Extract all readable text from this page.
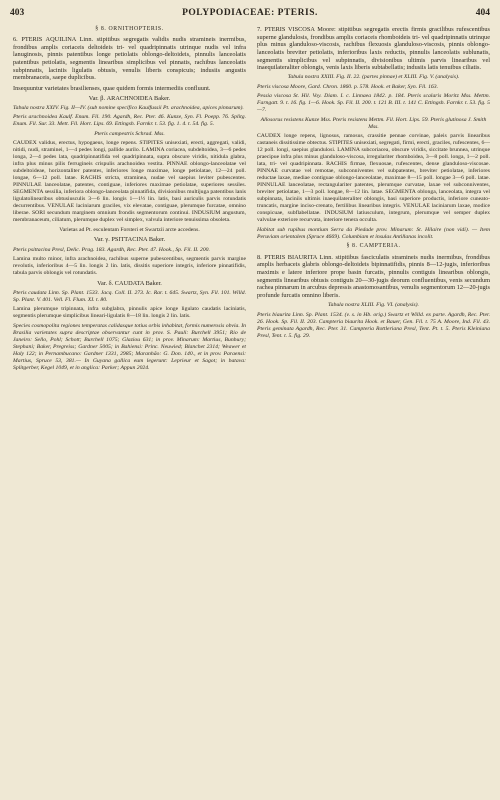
403	POLYPODIACEAE: PTERIS.	404

§ 8. ORNITHOPTERIS.

6. PTERIS AQUILINA Linn. stipitibus segregatis validis nudis stramineis inermibus, frondibus amplis coriaceis deltoideis tri- vel quadripinnatis utrinque nudis vel infra lanuginosis, pinnis patentibus longe petiolatis oblongo-deltoideis, pinnulis lanceolatis patentibus petiolatis, segmentis linearibus simplicibus vel pinnatis, rachibus lanceolatis subpinnatis, laciniis ligulatis obtusis, venulis liberis conspicuis; indusiis angustis membranaceis, saepe duplicibus.

Insequuntur varietates brasilienses, quae quidem formis intermediis confluunt.

Var. β. ARACHNOIDEA Baker.

Tabula nostra XXIV. Fig. II—IV. (sub nomine specifico Kaulfussii Pt. arachnoidea, apices pinnarum).

Pteris arachnoidea Kaulf. Enum. Fil. 190. Agardh, Rec. Pter. 46. Kunze, Syn. Fl. Poepp. 76. Splitg. Enum. Fil. Sur. 33. Mett. Fil. Hort. Lips. 69. Ettingsh. Farnkr. t. 53. fig. 1. 4. t. 54. fig. 5.

Pteris campestris Schrad. Mss.

CAUDEX validus, erectus, hypogaeus, longe repens. STIPITES unisexiati, erecti, aggregati, validi, nitidi, nudi, straminei, 1—4 pedes longi, pallide aurilo. LAMINA coriacea, subdeltoidea, 3—6 pedes longa, 2—4 pedes lata, quadripinnatifida vel quadripinnata, supra obscure viridis, nitidula glabra, infra plus minus pilis ferrugineis crispulis arachnoidea vestita. PINNAE oblongo-lanceolatae vel subdeltoideae, horizontaliter patentes, inferiores longe maximae, longe petiolatae, 12—24 poll. longae, 6—12 poll. latae. RACHIS stricta, straminea, nudae vel saepius leviter pubescentes. PINNULAE lanceolatae, patentes, contiguae, inferiores maximae petiolatae, superiores sessiles. SEGMENTA sessilia, inferiora oblongo-lanceolata pinnatifida, divisionibus multijuga patentibus lanis ligulatolinearibus obtusiusculis 3—6 lin. longis 1—1½ lin. latis, basi auriculis parvis rotundatis decurrentibus. VENULAE laciniarum graciles, vix elevatae, contiguae, plerumque furcatae, omnino liberae. SORI secundum marginem omnium frondis segmentorum continui. INDUSIUM angustum, membranaceum, ciliatum, plerumque duplex vel simplex, valvula interiore tenuissima obsoleta.

Varietas ad Pt. esculentam Forsteri et Swartzii arcte accedens.

Var. γ. PSITTACINA Baker.

Pteris psittacina Presl, Delic. Prag. 183. Agardh, Rec. Pter. 47. Hook., Sp. Fil. II. 200.

Lamina multo minor, infra arachnoidea, rachibus superne pubescentibus, segmentis parvis margine revolutis, inferioribus 4—5 lin. longis 2 lin. latis, dissitis superiore integris, inferiore pinnatifidis, tabula parvis oblongis vel rotundatis.

Var. δ. CAUDATA Baker.

Pteris caudata Linn. Sp. Plant. 1533. Jacq. Coll. II. 273. Ic. Rar. t. 645. Swartz, Syn. Fil. 101. Willd. Sp. Plant. V. 401. Vell. Fl. Flum. XI. t. 80.

Lamina plerumque tripinnata, infra subglabra, pinnulis apice longe ligulato caudatis laciniatis, segmentis plerumque simplicibus lineari-ligulatis 8—18 lin. longis 2 lin. latis.

Species cosmopolita regiones temperatas calidasque totius orbis inhabitat, formis numerosis obvia. In Brasilia varietates supra descriptae observantur cunt in prov. S. Pauli: Burchell 3951; Rio de Janeiro: Sello, Pohl; Schott; Burchell 1075; Glaziou 631; in prov. Minarum: Martius, Bunbury; Stephani; Baker, Pregreiss; Gardner 5005; in Bahiensi: Princ. Neuwied; Blanchet 2314; Weawer et Haly 122; in Pernambucano: Gardner 1331, 2985; Maranhão: G. Don. 140., et in prov. Paraensi: Martius, Spruce 53, 381.— In Guyana gallica eum legerunt: Leprieur et Sagot; in batava: Splitgerber, Kegel 1049, et in anglica: Parker; Appun 2024.

7. PTERIS VISCOSA Moore: stipitibus segregatis erectis firmis gracilibus rufescentibus superne glandulosis, frondibus amplis coriaceis rhomboideis tri- vel quadripinnatis utrinque plus minus glanduloso-viscosis, rachibus flexuosis glanduloso-viscosis, pinnis oblongo-lanceolatis breviter petiolatis, inferioribus laxis reductis, pinnulis lanceolatis sublunatis, segmentis simplicibus vel subpinnatis, divisionibus ultimis parvis linearibus vel inaequilateraliter oblongis, venis laxis liberis subtabellatis; indusiis latis tenuibus ciliatis.

Tabula nostra XXIII. Fig. II. 22. (partes pinnae) et XLIII. Fig. V. (analysis).

Pteris viscosa Moore, Gard. Chron. 1860. p. 578. Hook. et Baker, Syn. Fil. 163.

Pessia viscosa St. Hil. Voy. Diam. I. c. Linnaea 1842. p. 184. Pteris scalaris Moritz Mss. Mettm. Farngatt. 9. t. 16. fig. 1—6. Hook. Sp. Fil. II. 200. t. 121 B. III. t. 141 C. Ettingsh. Farnkr. t. 53. fig. 5—7.

Allosorus resistens Kunze Mss. Pteris resistens Mettm. Fil. Hort. Lips. 59. Pteris glutinosa J. Smith Mss.

CAUDEX longe repens, lignosus, ramosus, crassitie pennae corvinae, paleis parvis linearibus castaneis dissitissime obtectus. STIPITES unisexiati, segregati, firmi, erecti, graciles, rufescentes, 6—12 poll. longi, saepius glandulosi. LAMINA subcoriacea, obscure viridis, siccitate brunnea, utrinque praecipue infra plus minus glanduloso-viscosa, irregulariter rhomboidea, 3—8 poll. longa, 1—2 poll. lata, tri- vel quadripinnata. RACHIS firmae, flexuosae, rufescentes, dense glanduloso-viscosae. PINNAE curvatae vel remotae, subconniventes vel subpatentes, breviter petiolatae, inferiores reductae laxae, mediae contiguae oblongo-lanceolatae, maximae 8—15 poll. longae 3—6 poll. latae. PINNULAE lanceolatae, rectangulariter patentes, plerumque curvatae, laxae vel subconniventes, breviter petiolatae, 1—3 poll. longae, 8—12 lin. latae. SEGMENTA oblonga, lanceolata, integra vel subpinnata, laciniis ultimis inaequilateraliter oblongis, basi superiore productis, inferiore cuneato-truncatis, margine inciso-crenato, fertilibus linearibus integris. VENULAE laciniarum laxae, modice conspicuae, subflabellatae. INDUSIUM latiusculum, integrum, plerumque vel semper duplex valvulae exteriore recurvata, interiore tenera occulta.

Habitat sub rupibus montium Serra da Piedade prov. Minarum: St. Hilaire (non vidi). — Item Peruviam orientalem (Spruce 4669). Columbiam et insulas Antillanas incolit.

§ 8. CAMPTERIA.

8. PTERIS BIAURITA Linn. stipitibus fasciculatis stramineis nudis inermibus, frondibus amplis herbaceis glabris oblongo-deltoideis bipinnatifidis, pinnis 8—12-jugis, inferioribus maximis e latere inferiore prope basin furcatis, pinnulis contiguis linearibus oblongis, segmentis linearibus obtusis contiguis 20—30-jugis deorum confluentibus, venis secundum rachea pinnarum in arcubus depressis anastomosantibus, venulis segmentorum 12—20-jugis profunde furcatis omnino liberis.

Tabula nostra XLIII. Fig. VI. (analysis).

Pteris biaurita Linn. Sp. Plant. 1534. (v. s. in Hb. orig.) Swartz et Willd. ex parte. Agardh, Rec. Pter. 26. Hook. Sp. Fil. II. 203. Campteria biaurita Hook. et Bauer, Gen. Fil. t. 75 A. Moore, Ind. Fil. 43. Pteris geminata Agardh, Rec. Pter. 31. Campteria Rottleriana Presl, Tent. Pt. t. 5. Pteris Kleiniana Presl, Tent. t. 5. fig. 29.
